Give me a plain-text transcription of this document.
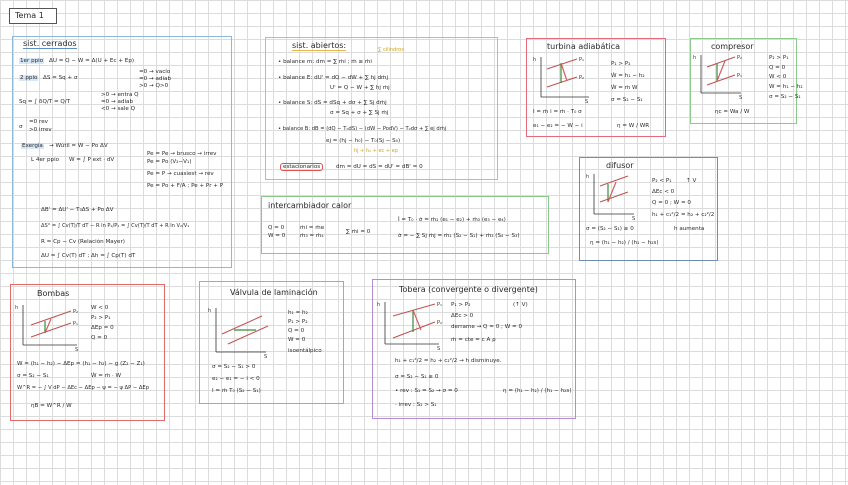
Tema 1
sist. cerrados
1er ppio ΔU = Q − W = Δ(U + Ec + Ep)
2 ppio ΔS = Sq + σ
=0 → vacío
=0 → adiab
>0 → Q>0
Sq = ∫ δQ/T = Q/T
>0 → entra Q
=0 → adiab
<0 → sale Q
σ
=0 rev
>0 irrev
Exergía → Wútil = W − Po ΔV
L 4er ppio W = ∫ P ext · dV
Pe = Pe → brusco → irrev
Pe = Po (V₂−V₁)
Pe = P → cuasiest → rev
Pe = Po + F/A ; Pe + Pr + P
ΔB' = ΔU' − T₀ΔS + Po ΔV
ΔS° = ∫ Cv(T)/T dT − R ln P₂/P₁ = ∫ Cv(T)/T dT + R ln V₂/V₁
R = Cp − Cv (Relación Mayer)
ΔU = ∫ Cv(T) dT ; Δh = ∫ Cp(T) dT
sist. abiertos:	∑ cilindros
• balance m: dm = ∑ ṁi ; ṁ ≥ ṁi
• balance E: dU' = dQ − dW + ∑ hj dṁj
U' = Q − W + ∑ hj ṁj
• balance S: dS = dSq + dσ + ∑ Sj dṁj
σ = Sq + σ + ∑ Sj ṁj
• balance B: dB = (dQ − T₀dS) − (dW − PodV) − T₀dσ + ∑ ej dṁj
ej = (hj − h₀) − T₀(Sj − S₀)
hj + h₀ + ec + ep
estacionarios	dm = dU = dS = dU' = dB' = 0
turbina adiabática
h
S
P₁
P₂
P₁ > P₂
Ẇ = h₁ − h₂
Ẇ = ṁ W
σ = S₂ − S₁
I = ṁ i = ṁ · T₀ σ
e₁ − e₂ = − W − i	η = W / WR
compresor
h
S
P₂
P₁
P₂ > P₁
Q = 0
W < 0
W = h₁ − h₂
σ = S₂ − S₁
ηc = Wa / W
difusor
h
S
P₂ < P₁	↑ V
ΔEc < 0
Q = 0 ; W = 0
h₁ + c₁²/2 = h₂ + c₂²/2
σ = (S₂ − S₁) ≥ 0	h aumenta
η = (h₁ − h₂) / (h₁ − h₂s)
intercambiador calor
Q = 0
W = 0
ṁi = ṁe
ṁ₃ = ṁ₄
∑ ṁi = 0
İ = T₀ · σ̇ = ṁ₁ (e₁ − e₂) + ṁ₃ (e₃ − e₄)
σ̇ = − ∑ Sj ṁj = ṁ₁ (S₂ − S₁) + ṁ₃ (S₄ − S₃)
Bombas
h
S
P₂
P₁
W < 0
P₂ > P₁
ΔEp = 0
Q = 0
W = (h₁ − h₂) − ΔEp = (h₁ − h₂) − g (Z₂ − Z₁)
σ = S₂ − S₁	Ẇ = ṁ · W
W^R = − ∫ V dP − ΔEc − ΔEp − ψ = − ψ ΔP − ΔEp
ηB = W^R / W
Válvula de laminación
h
S
h₁ = h₂
P₁ > P₂
Q = 0
W = 0
isoentálpico
σ = S₂ − S₁ > 0
e₂ − e₁ = − i < 0
I = ṁ T₀ (S₂ − S₁)
Tobera (convergente o divergente)
h
S
P₁
P₂
P₁ > P₂	(↑ V)
ΔEc > 0
derrame → Q = 0 ; W = 0
ṁ = cte = c A ρ
h₁ + c₁²/2 = h₂ + c₂²/2 → h disminuye.
σ = S₂ − S₁ ≥ 0
• rev : S₁ = S₂ → σ = 0
· irrev : S₂ > S₁
η = (h₁ − h₂) / (h₁ − h₂s)
